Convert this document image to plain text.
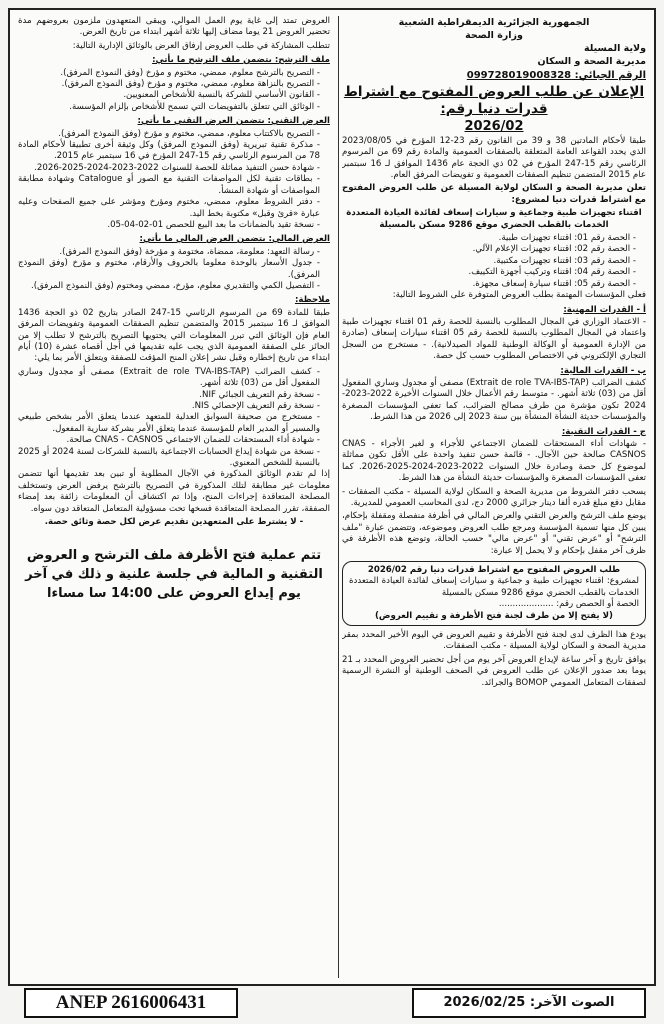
الجمهورية الجزائرية الديمقراطية الشعبية
وزارة الصحة
ولاية المسيلة
مديرية الصحة و السكان
الرقم الجبائي: 099728019008328
الإعلان عن طلب العروض المفتوح مع اشتراط قدرات دنيا رقم:
2026/02

طبقا لأحكام المادتين 38 و 39 من القانون رقم 23-12 المؤرخ في 2023/08/05 الذي يحدد القواعد العامة المتعلقة بالصفقات العمومية والمادة رقم 69 من المرسوم الرئاسي رقم 15-247 المؤرخ في 02 ذي الحجة عام 1436 الموافق لـ 16 سبتمبر عام 2015 المتضمن تنظيم الصفقات العمومية و تفويضات المرفق العام.

تعلن مديرية الصحة و السكان لولاية المسيلة عن طلب العروض المفتوح مع اشتراط قدرات دنيا لمشروع:

اقتناء تجهيزات طبية وجماعية و سيارات إسعاف لفائدة العيادة المتعددة الخدمات بالقطب الحضري موقع 9286 مسكن بالمسيلة

- الحصة رقم 01: اقتناء تجهيزات طبية.
- الحصة رقم 02: اقتناء تجهيزات الإعلام الآلي.
- الحصة رقم 03: اقتناء تجهيزات مكتبية.
- الحصة رقم 04: اقتناء وتركيب أجهزة التكييف.
- الحصة رقم 05: اقتناء سيارة إسعاف مجهزة.

فعلى المؤسسات المهتمة بطلب العروض المتوفرة على الشروط التالية:

أ - القدرات المهنية:

- الاعتماد الوزاري في المجال المطلوب بالنسبة للحصة رقم 01 اقتناء تجهيزات طبية واعتماد في المجال المطلوب بالنسبة للحصة رقم 05 اقتناء سيارات إسعاف (صادرة من الإدارة العمومية أو الوكالة الوطنية للمواد الصيدلانية). - مستخرج من السجل التجاري الإلكتروني في الاختصاص المطلوب حسب كل حصة.

ب - القدرات المالية:

كشف الضرائب (Extrait de role TVA-IBS-TAP) مصفى أو مجدول وساري المفعول أقل من (03) ثلاثة أشهر. - متوسط رقم الأعمال خلال السنوات الأخيرة 2022-2023-2024 تكون مؤشرة من طرف مصالح الضرائب، كما تعفى المؤسسات المصغرة والمؤسسات حديثة النشأة المنشأة بين سنة 2023 إلى 2026 من هذا الشرط.

ج - القدرات التقنية:

- شهادات أداء المستحقات للضمان الاجتماعي للأجراء و لغير الأجراء CNAS - CASNOS صالحة حين الآجال. - قائمة حسن تنفيذ واحدة على الأقل تكون مماثلة لموضوع كل حصة وصادرة خلال السنوات 2022-2023-2024-2025-2026. كما تعفى المؤسسات المصغرة والمؤسسات حديثة النشأة من هذا الشرط.

يسحب دفتر الشروط من مديرية الصحة و السكان لولاية المسيلة - مكتب الصفقات - مقابل دفع مبلغ قدره ألفا دينار جزائري 2000 دج، لدى المحاسب العمومي للمديرية.

يوضع ملف الترشح والعرض التقني والعرض المالي في أظرفة منفصلة ومقفلة بإحكام، يبين كل منها تسمية المؤسسة ومرجع طلب العروض وموضوعه، وتتضمن عبارة "ملف الترشح" أو "عرض تقني" أو "عرض مالي" حسب الحالة، وتوضع هذه الأظرفة في ظرف آخر مقفل بإحكام و لا يحمل إلا عبارة:

طلب العروض المفتوح مع اشتراط قدرات دنيا رقم 2026/02
لمشروع: اقتناء تجهيزات طبية و جماعية و سيارات إسعاف لفائدة العيادة المتعددة الخدمات بالقطب الحضري موقع 9286 مسكن بالمسيلة
الحصة أو الحصص رقم: ....................
(لا يفتح إلا من طرف لجنة فتح الأظرفة و تقييم العروض)

يودع هذا الظرف لدى لجنة فتح الأظرفة و تقييم العروض في اليوم الأخير المحدد بمقر مديرية الصحة و السكان لولاية المسيلة - مكتب الصفقات.

يوافق تاريخ و آخر ساعة لإيداع العروض آخر يوم من أجل تحضير العروض المحدد بـ 21 يوما بعد صدور الإعلان عن طلب العروض في الصحف الوطنية أو النشرة الرسمية لصفقات المتعامل العمومي BOMOP والجرائد.

العروض تمتد إلى غاية يوم العمل الموالي، ويبقى المتعهدون ملزمون بعروضهم مدة تحضير العروض 21 يوما مضاف إليها ثلاثة أشهر ابتداء من تاريخ العرض.

تتطلب المشاركة في طلب العروض إرفاق العرض بالوثائق الإدارية التالية:

ملف الترشح: يتضمن ملف الترشح ما يأتي:
- التصريح بالترشح معلوم، ممضي، مختوم و مؤرخ (وفق النموذج المرفق).
- التصريح بالنزاهة معلوم، ممضي، مختوم و مؤرخ (وفق النموذج المرفق).
- القانون الأساسي للشركة بالنسبة للأشخاص المعنويين.
- الوثائق التي تتعلق بالتفويضات التي تسمح للأشخاص بإلزام المؤسسة.
العرض التقني: يتضمن العرض التقني ما يأتي:
- التصريح بالاكتتاب معلوم، ممضي، مختوم و مؤرخ (وفق النموذج المرفق).
- مذكرة تقنية تبريرية (وفق النموذج المرفق) وكل وثيقة أخرى تطبيقا لأحكام المادة 78 من المرسوم الرئاسي رقم 15-247 المؤرخ في 16 سبتمبر عام 2015.
- شهادة حسن التنفيذ مماثلة للحصة للسنوات 2022-2023-2024-2025-2026.
- بطاقات تقنية لكل المواصفات التقنية مع الصور أو Catalogue وشهادة مطابقة المواصفات أو شهادة المنشأ.
- دفتر الشروط معلوم، ممضي، مختوم ومؤرخ ومؤشر على جميع الصفحات وعليه عبارة «قرئ وقبل» مكتوبة بخط اليد.
- نسخة تقيد بالضمانات ما بعد البيع للحصص 01-02-04-05.
العرض المالي: يتضمن العرض المالي ما يأتي:
- رسالة التعهد: معلومة، ممضاة، مختومة و مؤرخة (وفق النموذج المرفق).
- جدول الأسعار بالوحدة معلوما بالحروف والأرقام، مختوم و مؤرخ (وفق النموذج المرفق).
- التفصيل الكمي والتقديري معلوم، مؤرخ، ممضي ومختوم (وفق النموذج المرفق).
ملاحظة:

طبقا للمادة 69 من المرسوم الرئاسي 15-247 الصادر بتاريخ 02 ذو الحجة 1436 الموافق لـ 16 سبتمبر 2015 والمتضمن تنظيم الصفقات العمومية وتفويضات المرفق العام فإن الوثائق التي تبرر المعلومات التي يحتويها التصريح بالترشح لا تطلب إلا من الحائز على الصفقة العمومية الذي يجب عليه تقديمها في أجل أقصاه عشرة (10) أيام ابتداء من تاريخ إخطاره وقبل نشر إعلان المنح المؤقت للصفقة ويتعلق الأمر بما يلي:

- كشف الضرائب (Extrait de role TVA-IBS-TAP) مصفى أو مجدول وساري المفعول أقل من (03) ثلاثة أشهر.
- نسخة رقم التعريف الجبائي NIF.
- نسخة رقم التعريف الإحصائي NIS.
- مستخرج من صحيفة السوابق العدلية للمتعهد عندما يتعلق الأمر بشخص طبيعي والمسير أو المدير العام للمؤسسة عندما يتعلق الأمر بشركة سارية المفعول.
- شهادة أداء المستحقات للضمان الاجتماعي CNAS - CASNOS صالحة.
- نسخة من شهادة إيداع الحسابات الاجتماعية بالنسبة للشركات لسنة 2024 أو 2025 بالنسبة للشخص المعنوي.

إذا لم تقدم الوثائق المذكورة في الآجال المطلوبة أو تبين بعد تقديمها أنها تتضمن معلومات غير مطابقة لتلك المذكورة في التصريح بالترشح يرفض العرض وتستخلف المصلحة المتعاقدة إجراءات المنح، وإذا تم اكتشاف أن المعلومات زائفة بعد إمضاء الصفقة، تقرر المصلحة المتعاقدة فسخها تحت مسؤولية المتعامل المتعاقد دون سواه.

- لا يشترط على المتعهدين تقديم عرض لكل حصة وثائق حصة.

تتم عملية فتح الأظرفة ملف الترشح و العروض التقنية و المالية في جلسة علنية و ذلك في آخر يوم إيداع العروض على 14:00 سا مساءا
ANEP 2616006431	الصوت الآخر: 2026/02/25
